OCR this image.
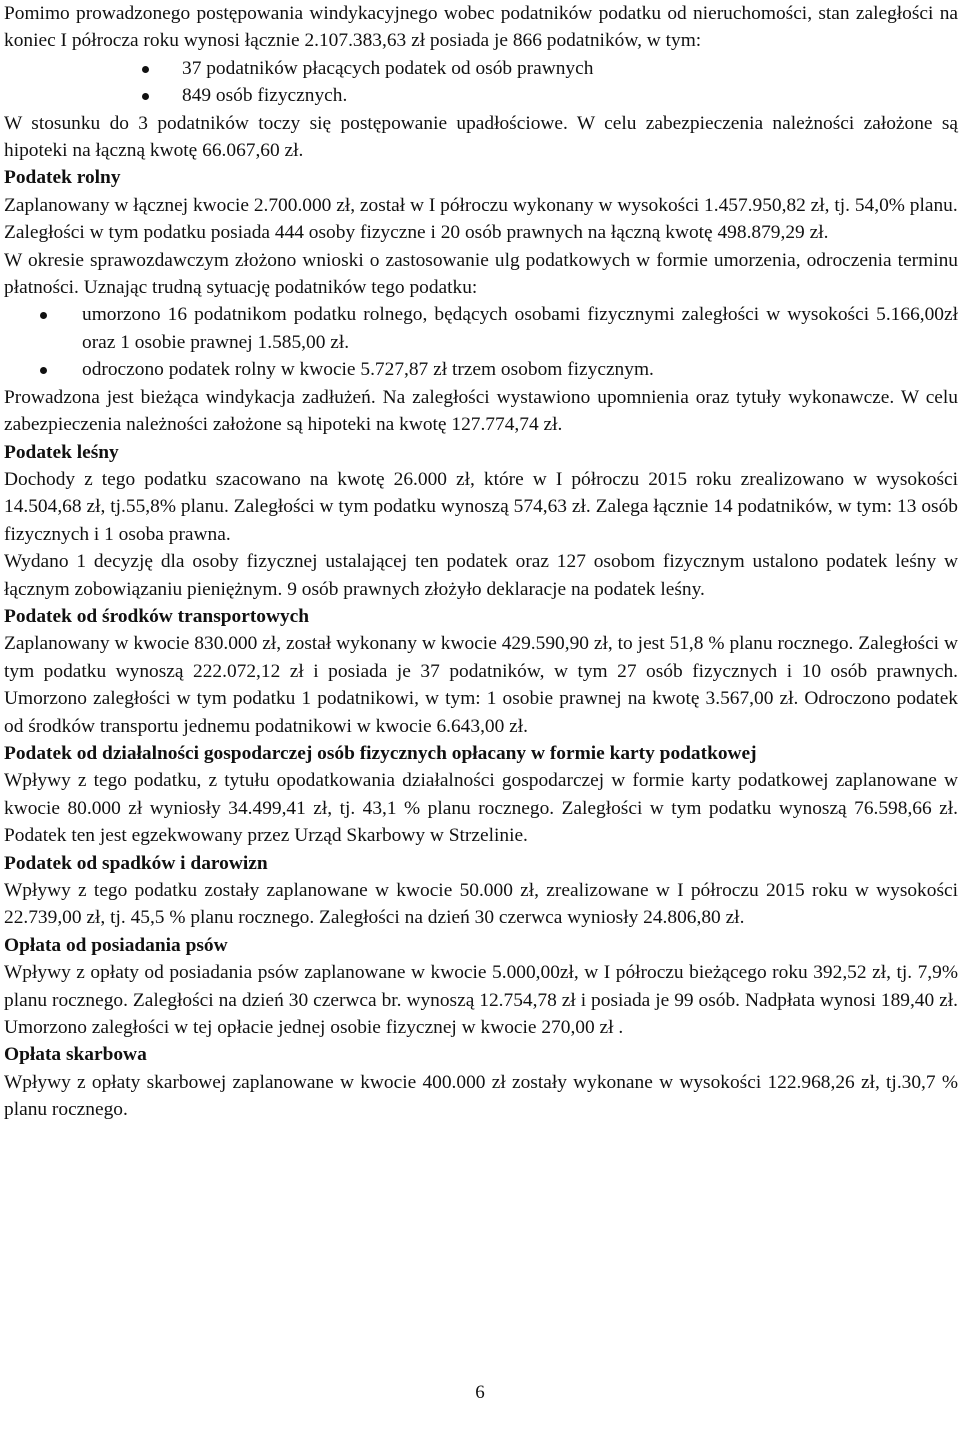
Pomimo prowadzonego postępowania windykacyjnego wobec podatników podatku od nieruchomości, stan zaległości na koniec I półrocza roku wynosi łącznie 2.107.383,63 zł posiada je 866 podatników, w tym:

37 podatników płacących podatek od osób prawnych
849 osób fizycznych.

W stosunku do 3 podatników toczy się postępowanie upadłościowe. W celu zabezpieczenia należności założone są hipoteki na łączną kwotę 66.067,60 zł.

Podatek rolny

Zaplanowany w łącznej kwocie 2.700.000 zł, został w I półroczu wykonany w wysokości 1.457.950,82 zł, tj. 54,0% planu.

Zaległości w tym podatku posiada 444 osoby fizyczne i 20 osób prawnych na łączną kwotę 498.879,29 zł.

W okresie sprawozdawczym złożono wnioski o zastosowanie ulg podatkowych w formie umorzenia, odroczenia terminu płatności. Uznając trudną sytuację podatników tego podatku:

umorzono 16 podatnikom podatku rolnego, będących osobami fizycznymi zaległości w wysokości 5.166,00zł oraz 1 osobie prawnej 1.585,00 zł.
odroczono podatek rolny w kwocie 5.727,87 zł trzem osobom fizycznym.

Prowadzona jest bieżąca windykacja zadłużeń. Na zaległości wystawiono upomnienia oraz tytuły wykonawcze. W celu zabezpieczenia należności założone są hipoteki na kwotę 127.774,74 zł.

Podatek leśny

Dochody z tego podatku szacowano na kwotę 26.000 zł, które w I półroczu 2015 roku zrealizowano w wysokości 14.504,68 zł, tj.55,8% planu. Zaległości w tym podatku wynoszą 574,63 zł. Zalega łącznie 14 podatników, w tym: 13 osób fizycznych i 1 osoba prawna.

Wydano 1 decyzję dla osoby fizycznej ustalającej ten podatek oraz 127 osobom fizycznym ustalono podatek leśny w łącznym zobowiązaniu pieniężnym. 9 osób prawnych złożyło deklaracje na podatek leśny.

Podatek od środków transportowych

Zaplanowany w kwocie 830.000 zł, został wykonany w kwocie 429.590,90 zł, to jest 51,8 % planu rocznego. Zaległości w tym podatku wynoszą 222.072,12 zł i posiada je 37 podatników, w tym 27 osób fizycznych i 10 osób prawnych. Umorzono zaległości w tym podatku 1 podatnikowi, w tym: 1 osobie prawnej na kwotę 3.567,00 zł. Odroczono podatek od środków transportu jednemu podatnikowi w kwocie 6.643,00 zł.

Podatek od działalności gospodarczej osób fizycznych opłacany w formie karty podatkowej

Wpływy z tego podatku, z tytułu opodatkowania działalności gospodarczej w formie karty podatkowej zaplanowane w kwocie 80.000 zł wyniosły 34.499,41 zł, tj. 43,1 % planu rocznego. Zaległości w tym podatku wynoszą 76.598,66 zł. Podatek ten jest egzekwowany przez Urząd Skarbowy w Strzelinie.

Podatek od spadków i darowizn

Wpływy z tego podatku zostały zaplanowane w kwocie 50.000 zł, zrealizowane w I półroczu 2015 roku w wysokości 22.739,00 zł, tj. 45,5 % planu rocznego. Zaległości na dzień 30 czerwca wyniosły 24.806,80 zł.

Opłata od posiadania psów

Wpływy z opłaty od posiadania psów zaplanowane w kwocie 5.000,00zł, w I półroczu bieżącego roku 392,52 zł, tj. 7,9% planu rocznego. Zaległości na dzień 30 czerwca br. wynoszą 12.754,78 zł i posiada je 99 osób. Nadpłata wynosi 189,40 zł. Umorzono zaległości w tej opłacie jednej osobie fizycznej w kwocie 270,00 zł .

Opłata skarbowa

Wpływy z opłaty skarbowej zaplanowane w kwocie 400.000 zł zostały wykonane w wysokości 122.968,26 zł, tj.30,7 % planu rocznego.

6
